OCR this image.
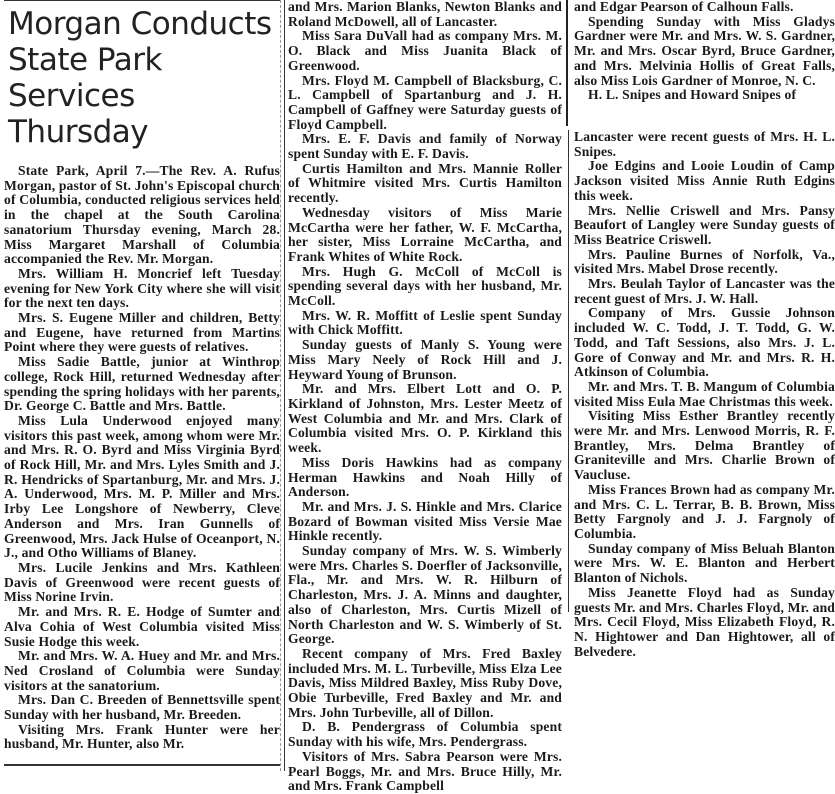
Morgan Conducts
State Park
Services Thursday

State Park, April 7.—The Rev. A. Rufus Morgan, pastor of St. John's Episcopal church of Columbia, conducted religious services held in the chapel at the South Carolina sanatorium Thursday evening, March 28. Miss Margaret Marshall of Columbia accompanied the Rev. Mr. Morgan.

Mrs. William H. Moncrief left Tuesday evening for New York City where she will visit for the next ten days.

Mrs. S. Eugene Miller and children, Betty and Eugene, have returned from Martins Point where they were guests of relatives.

Miss Sadie Battle, junior at Winthrop college, Rock Hill, returned Wednesday after spending the spring holidays with her parents, Dr. George C. Battle and Mrs. Battle.

Miss Lula Underwood enjoyed many visitors this past week, among whom were Mr. and Mrs. R. O. Byrd and Miss Virginia Byrd of Rock Hill, Mr. and Mrs. Lyles Smith and J. R. Hendricks of Spartanburg, Mr. and Mrs. J. A. Underwood, Mrs. M. P. Miller and Mrs. Irby Lee Longshore of Newberry, Cleve Anderson and Mrs. Iran Gunnells of Greenwood, Mrs. Jack Hulse of Oceanport, N. J., and Otho Williams of Blaney.

Mrs. Lucile Jenkins and Mrs. Kathleen Davis of Greenwood were recent guests of Miss Norine Irvin.

Mr. and Mrs. R. E. Hodge of Sumter and Alva Cohia of West Columbia visited Miss Susie Hodge this week.

Mr. and Mrs. W. A. Huey and Mr. and Mrs. Ned Crosland of Columbia were Sunday visitors at the sanatorium.

Mrs. Dan C. Breeden of Bennettsville spent Sunday with her husband, Mr. Breeden.

Visiting Mrs. Frank Hunter were her husband, Mr. Hunter, also Mr.

and Mrs. Marion Blanks, Newton Blanks and Roland McDowell, all of Lancaster.

Miss Sara DuVall had as company Mrs. M. O. Black and Miss Juanita Black of Greenwood.

Mrs. Floyd M. Campbell of Blacksburg, C. L. Campbell of Spartanburg and J. H. Campbell of Gaffney were Saturday guests of Floyd Campbell.

Mrs. E. F. Davis and family of Norway spent Sunday with E. F. Davis.

Curtis Hamilton and Mrs. Mannie Roller of Whitmire visited Mrs. Curtis Hamilton recently.

Wednesday visitors of Miss Marie McCartha were her father, W. F. McCartha, her sister, Miss Lorraine McCartha, and Frank Whites of White Rock.

Mrs. Hugh G. McColl of McColl is spending several days with her husband, Mr. McColl.

Mrs. W. R. Moffitt of Leslie spent Sunday with Chick Moffitt.

Sunday guests of Manly S. Young were Miss Mary Neely of Rock Hill and J. Heyward Young of Brunson.

Mr. and Mrs. Elbert Lott and O. P. Kirkland of Johnston, Mrs. Lester Meetz of West Columbia and Mr. and Mrs. Clark of Columbia visited Mrs. O. P. Kirkland this week.

Miss Doris Hawkins had as company Herman Hawkins and Noah Hilly of Anderson.

Mr. and Mrs. J. S. Hinkle and Mrs. Clarice Bozard of Bowman visited Miss Versie Mae Hinkle recently.

Sunday company of Mrs. W. S. Wimberly were Mrs. Charles S. Doerfler of Jacksonville, Fla., Mr. and Mrs. W. R. Hilburn of Charleston, Mrs. J. A. Minns and daughter, also of Charleston, Mrs. Curtis Mizell of North Charleston and W. S. Wimberly of St. George.

Recent company of Mrs. Fred Baxley included Mrs. M. L. Turbeville, Miss Elza Lee Davis, Miss Mildred Baxley, Miss Ruby Dove, Obie Turbeville, Fred Baxley and Mr. and Mrs. John Turbeville, all of Dillon.

D. B. Pendergrass of Columbia spent Sunday with his wife, Mrs. Pendergrass.

Visitors of Mrs. Sabra Pearson were Mrs. Pearl Boggs, Mr. and Mrs. Bruce Hilly, Mr. and Mrs. Frank Campbell

and Edgar Pearson of Calhoun Falls.

Spending Sunday with Miss Gladys Gardner were Mr. and Mrs. W. S. Gardner, Mr. and Mrs. Oscar Byrd, Bruce Gardner, and Mrs. Melvinia Hollis of Great Falls, also Miss Lois Gardner of Monroe, N. C.

H. L. Snipes and Howard Snipes of

Lancaster were recent guests of Mrs. H. L. Snipes.

Joe Edgins and Looie Loudin of Camp Jackson visited Miss Annie Ruth Edgins this week.

Mrs. Nellie Criswell and Mrs. Pansy Beaufort of Langley were Sunday guests of Miss Beatrice Criswell.

Mrs. Pauline Burnes of Norfolk, Va., visited Mrs. Mabel Drose recently.

Mrs. Beulah Taylor of Lancaster was the recent guest of Mrs. J. W. Hall.

Company of Mrs. Gussie Johnson included W. C. Todd, J. T. Todd, G. W. Todd, and Taft Sessions, also Mrs. J. L. Gore of Conway and Mr. and Mrs. R. H. Atkinson of Columbia.

Mr. and Mrs. T. B. Mangum of Columbia visited Miss Eula Mae Christmas this week.

Visiting Miss Esther Brantley recently were Mr. and Mrs. Lenwood Morris, R. F. Brantley, Mrs. Delma Brantley of Graniteville and Mrs. Charlie Brown of Vaucluse.

Miss Frances Brown had as company Mr. and Mrs. C. L. Terrar, B. B. Brown, Miss Betty Fargnoly and J. J. Fargnoly of Columbia.

Sunday company of Miss Beluah Blanton were Mrs. W. E. Blanton and Herbert Blanton of Nichols.

Miss Jeanette Floyd had as Sunday guests Mr. and Mrs. Charles Floyd, Mr. and Mrs. Cecil Floyd, Miss Elizabeth Floyd, R. N. Hightower and Dan Hightower, all of Belvedere.
